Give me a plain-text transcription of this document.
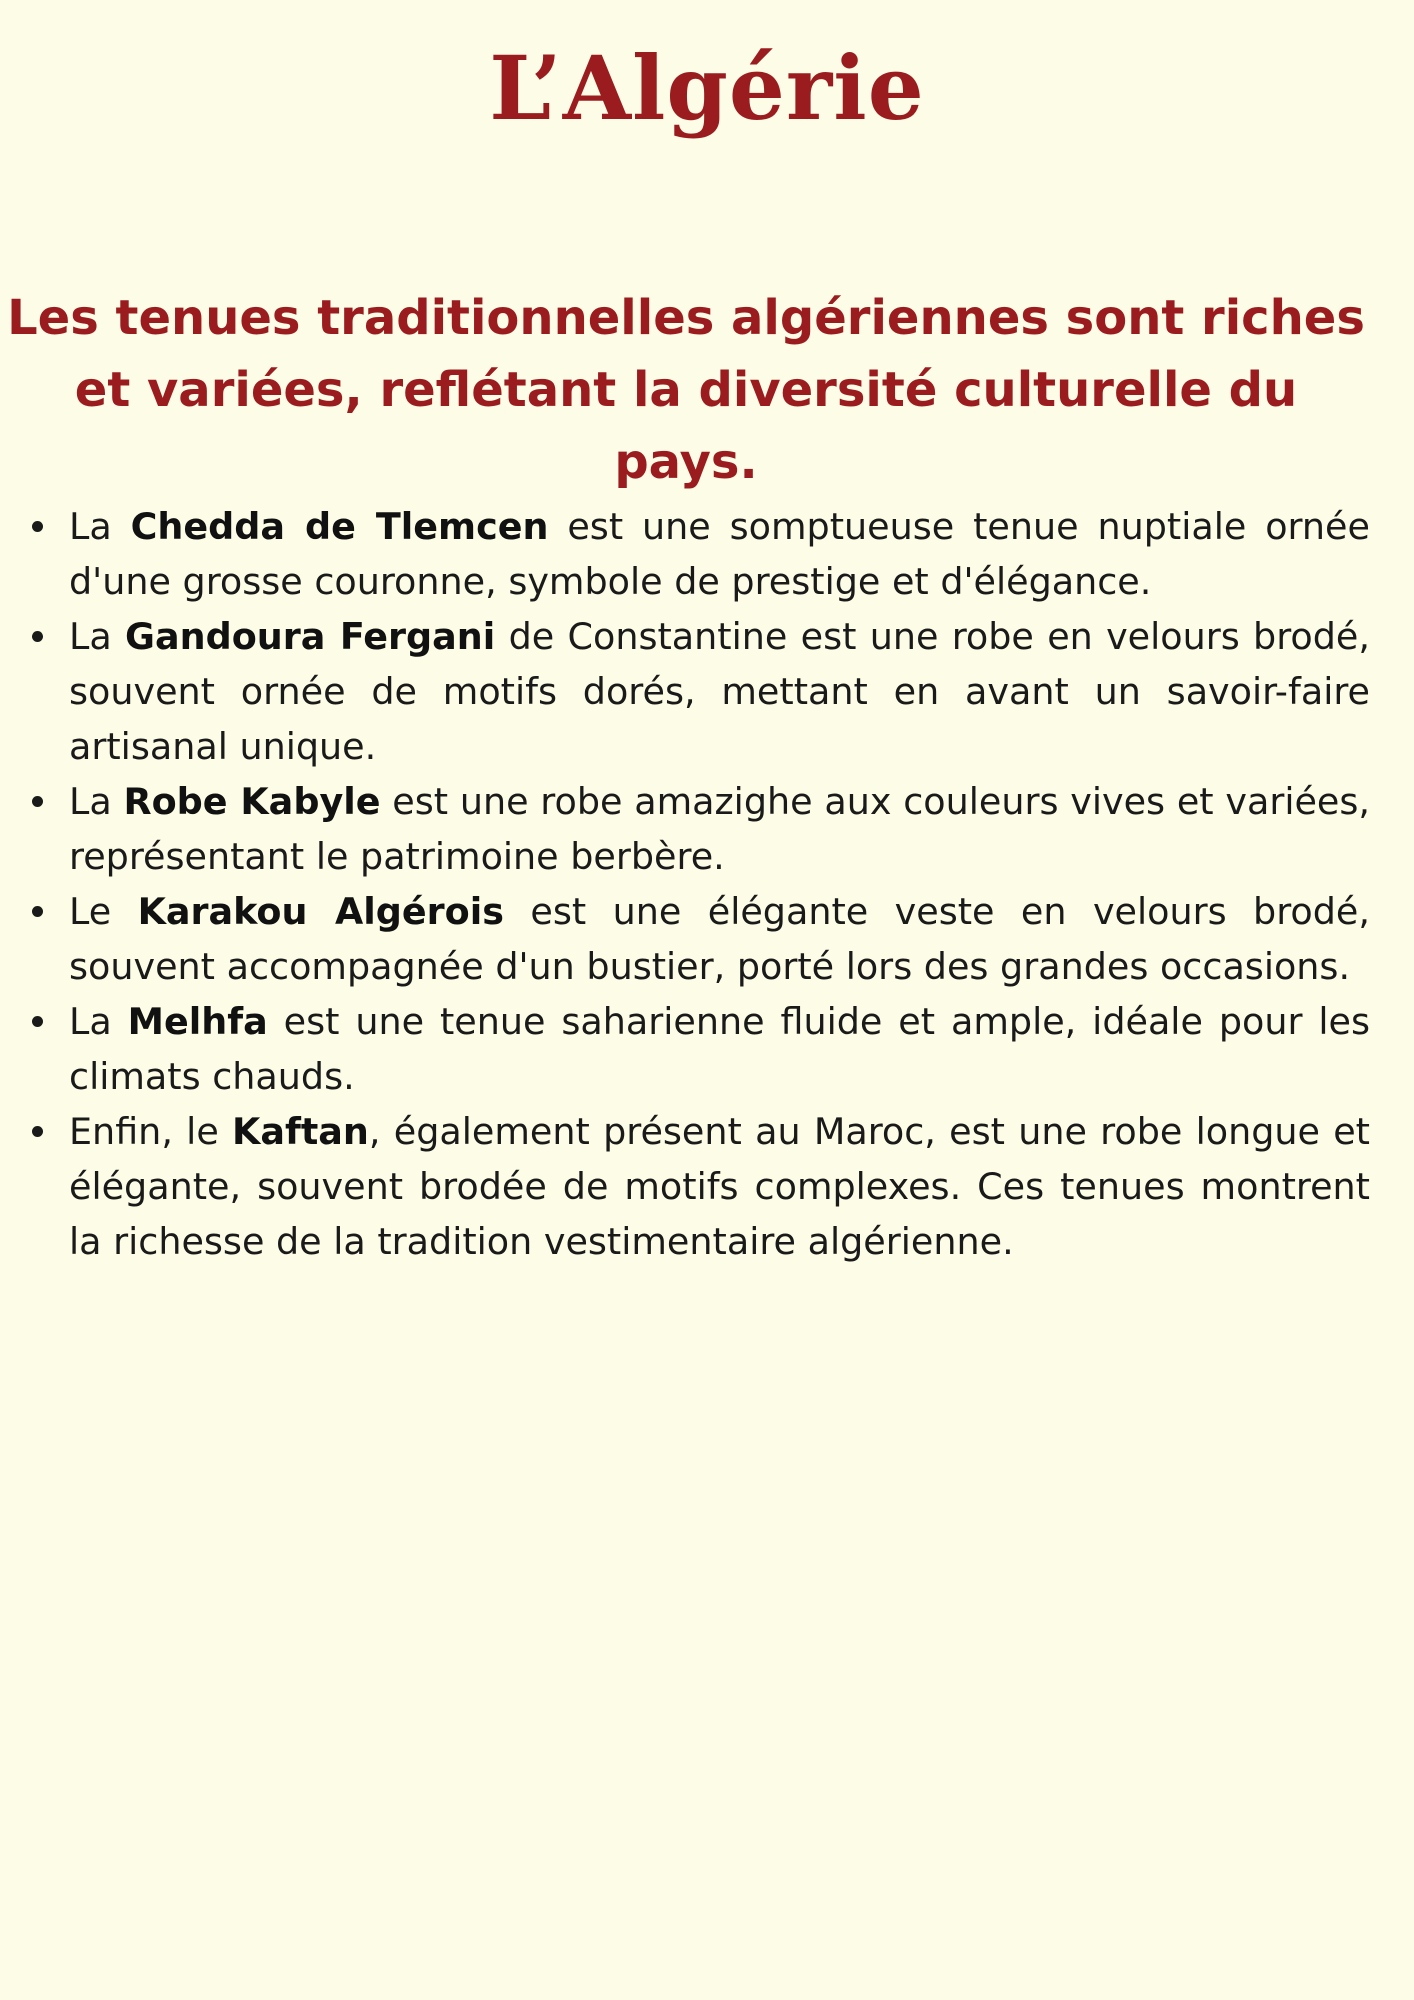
L’Algérie
Les tenues traditionnelles algériennes sont riches et variées, reflétant la diversité culturelle du pays.
La Chedda de Tlemcen est une somptueuse tenue nuptiale ornée d'une grosse couronne, symbole de prestige et d'élégance.
La Gandoura Fergani de Constantine est une robe en velours brodé, souvent ornée de motifs dorés, mettant en avant un savoir-faire artisanal unique.
La Robe Kabyle est une robe amazighe aux couleurs vives et variées, représentant le patrimoine berbère.
Le Karakou Algérois est une élégante veste en velours brodé, souvent accompagnée d'un bustier, porté lors des grandes occasions.
La Melhfa est une tenue saharienne fluide et ample, idéale pour les climats chauds.
Enfin, le Kaftan, également présent au Maroc, est une robe longue et élégante, souvent brodée de motifs complexes. Ces tenues montrent la richesse de la tradition vestimentaire algérienne.
